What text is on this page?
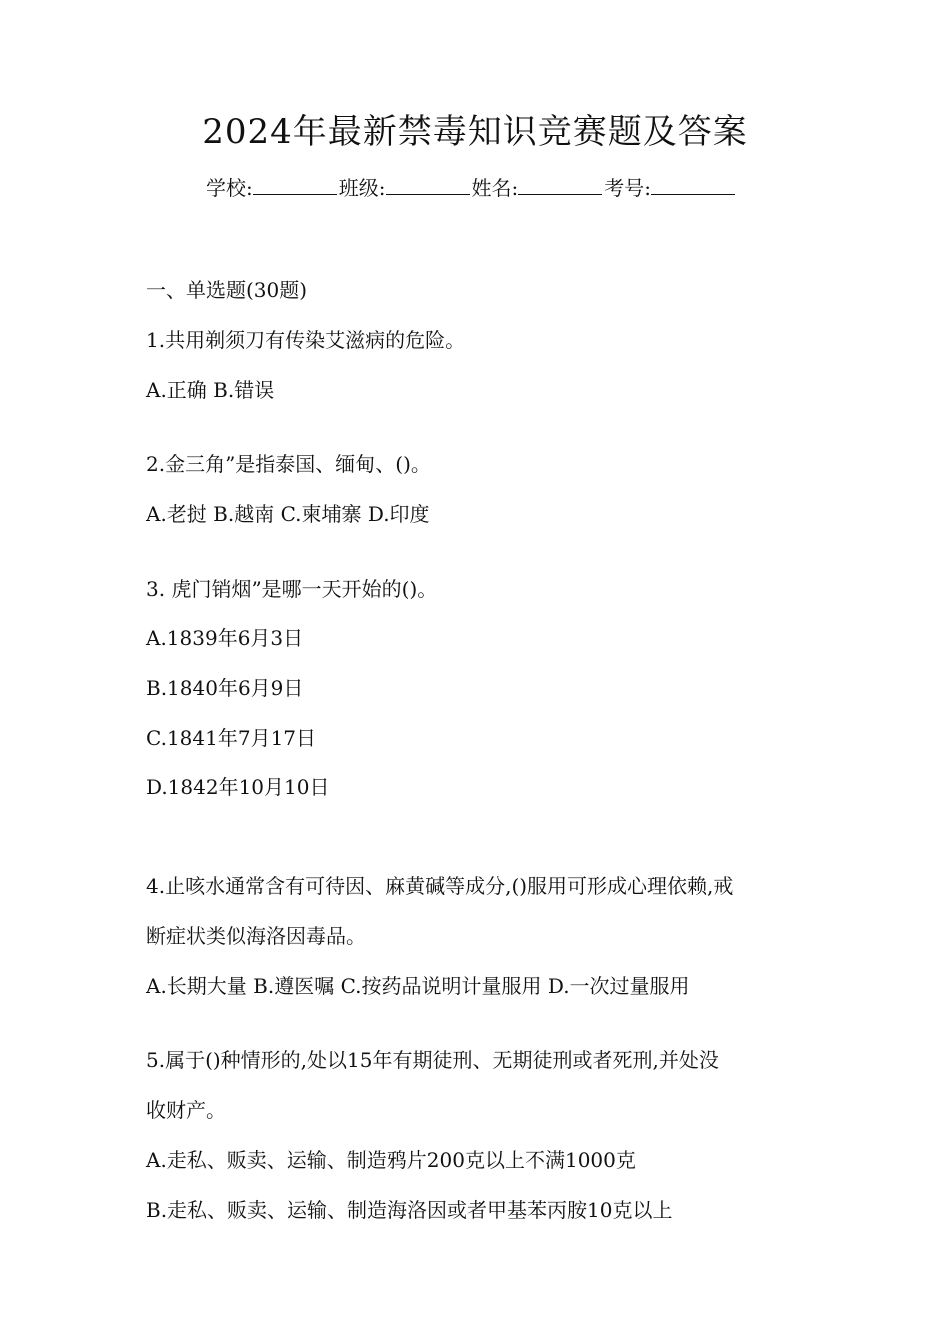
2024年最新禁毒知识竞赛题及答案
学校:	班级:	姓名:	考号:
一、单选题(30题)
1.共用剃须刀有传染艾滋病的危险。
A.正确 B.错误
2.金三角”是指泰国、缅甸、()。
A.老挝 B.越南 C.柬埔寨 D.印度
3. 虎门销烟”是哪一天开始的()。
A.1839年6月3日
B.1840年6月9日
C.1841年7月17日
D.1842年10月10日
4.止咳水通常含有可待因、麻黄碱等成分,()服用可形成心理依赖,戒
断症状类似海洛因毒品。
A.长期大量 B.遵医嘱 C.按药品说明计量服用 D.一次过量服用
5.属于()种情形的,处以15年有期徒刑、无期徒刑或者死刑,并处没
收财产。
A.走私、贩卖、运输、制造鸦片200克以上不满1000克
B.走私、贩卖、运输、制造海洛因或者甲基苯丙胺10克以上
